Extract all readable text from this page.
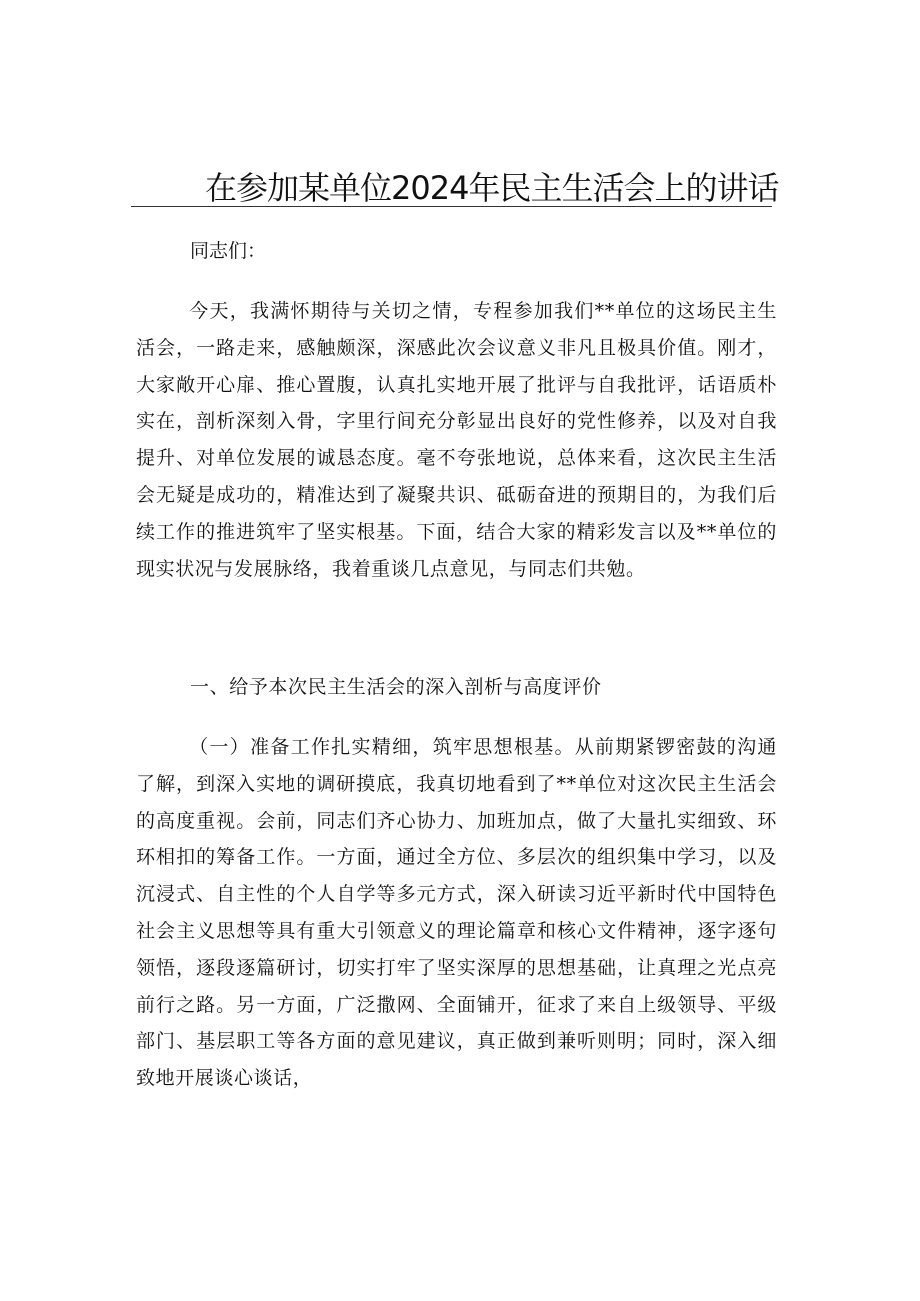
在参加某单位2024年民主生活会上的讲话
同志们：

今天，我满怀期待与关切之情，专程参加我们**单位的这场民主生活会，一路走来，感触颇深，深感此次会议意义非凡且极具价值。刚才，大家敞开心扉、推心置腹，认真扎实地开展了批评与自我批评，话语质朴实在，剖析深刻入骨，字里行间充分彰显出良好的党性修养，以及对自我提升、对单位发展的诚恳态度。毫不夸张地说，总体来看，这次民主生活会无疑是成功的，精准达到了凝聚共识、砥砺奋进的预期目的，为我们后续工作的推进筑牢了坚实根基。下面，结合大家的精彩发言以及**单位的现实状况与发展脉络，我着重谈几点意见，与同志们共勉。

一、给予本次民主生活会的深入剖析与高度评价

（一）准备工作扎实精细，筑牢思想根基。从前期紧锣密鼓的沟通了解，到深入实地的调研摸底，我真切地看到了**单位对这次民主生活会的高度重视。会前，同志们齐心协力、加班加点，做了大量扎实细致、环环相扣的筹备工作。一方面，通过全方位、多层次的组织集中学习，以及沉浸式、自主性的个人自学等多元方式，深入研读习近平新时代中国特色社会主义思想等具有重大引领意义的理论篇章和核心文件精神，逐字逐句领悟，逐段逐篇研讨，切实打牢了坚实深厚的思想基础，让真理之光点亮前行之路。另一方面，广泛撒网、全面铺开，征求了来自上级领导、平级部门、基层职工等各方面的意见建议，真正做到兼听则明；同时，深入细致地开展谈心谈话，
